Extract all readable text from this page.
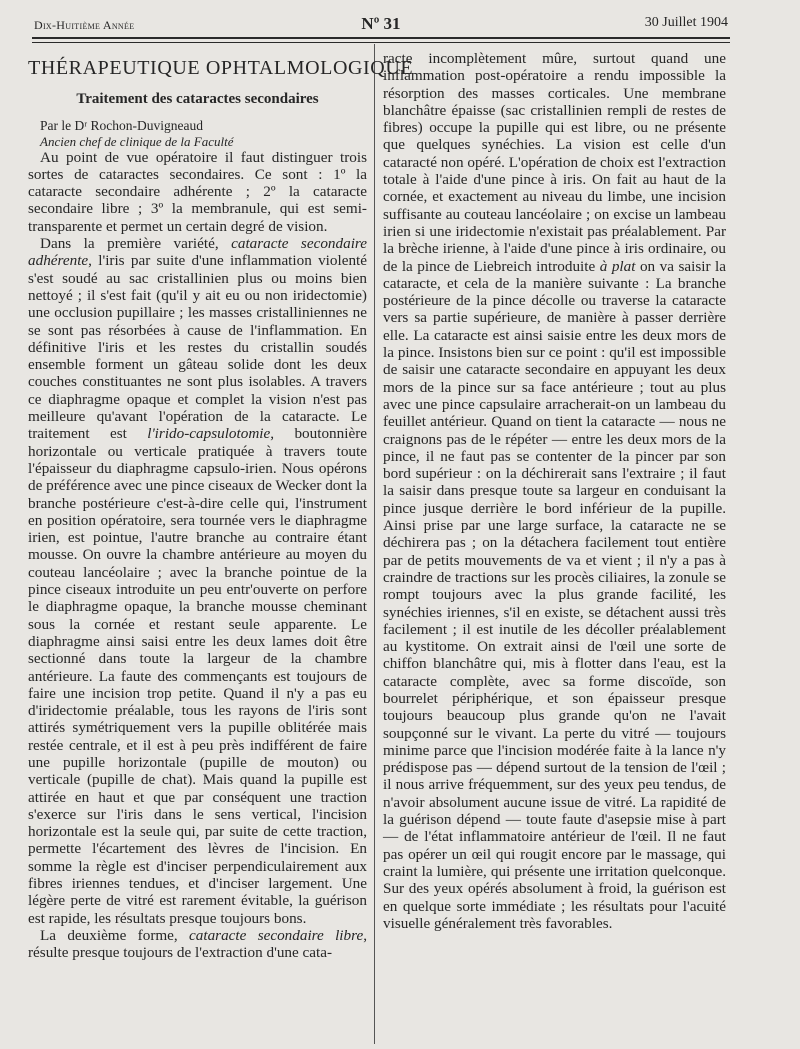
Dix-Huitième Année	Nº 31	30 Juillet 1904
THÉRAPEUTIQUE OPHTALMOLOGIQUE
Traitement des cataractes secondaires

Par le Dʳ Rochon-Duvigneaud

Ancien chef de clinique de la Faculté

Au point de vue opératoire il faut distinguer trois sortes de cataractes secondaires. Ce sont : 1º la cataracte secondaire adhérente ; 2º la cataracte secondaire libre ; 3º la membranule, qui est semi-transparente et permet un certain degré de vision.

Dans la première variété, cataracte secondaire adhérente, l'iris par suite d'une inflammation violenté s'est soudé au sac cristallinien plus ou moins bien nettoyé ; il s'est fait (qu'il y ait eu ou non iridectomie) une occlusion pupillaire ; les masses cristalliniennes ne se sont pas résorbées à cause de l'inflammation. En définitive l'iris et les restes du cristallin soudés ensemble forment un gâteau solide dont les deux couches constituantes ne sont plus isolables. A travers ce diaphragme opaque et complet la vision n'est pas meilleure qu'avant l'opération de la cataracte. Le traitement est l'irido-capsulotomie, boutonnière horizontale ou verticale pratiquée à travers toute l'épaisseur du diaphragme capsulo-irien. Nous opérons de préférence avec une pince ciseaux de Wecker dont la branche postérieure c'est-à-dire celle qui, l'instrument en position opératoire, sera tournée vers le diaphragme irien, est pointue, l'autre branche au contraire étant mousse. On ouvre la chambre antérieure au moyen du couteau lancéolaire ; avec la branche pointue de la pince ciseaux introduite un peu entr'ouverte on perfore le diaphragme opaque, la branche mousse cheminant sous la cornée et restant seule apparente. Le diaphragme ainsi saisi entre les deux lames doit être sectionné dans toute la largeur de la chambre antérieure. La faute des commençants est toujours de faire une incision trop petite. Quand il n'y a pas eu d'iridectomie préalable, tous les rayons de l'iris sont attirés symétriquement vers la pupille oblitérée mais restée centrale, et il est à peu près indifférent de faire une pupille horizontale (pupille de mouton) ou verticale (pupille de chat). Mais quand la pupille est attirée en haut et que par conséquent une traction s'exerce sur l'iris dans le sens vertical, l'incision horizontale est la seule qui, par suite de cette traction, permette l'écartement des lèvres de l'incision. En somme la règle est d'inciser perpendiculairement aux fibres iriennes tendues, et d'inciser largement. Une légère perte de vitré est rarement évitable, la guérison est rapide, les résultats presque toujours bons.

La deuxième forme, cataracte secondaire libre, résulte presque toujours de l'extraction d'une cata-

racte incomplètement mûre, surtout quand une inflammation post-opératoire a rendu impossible la résorption des masses corticales. Une membrane blanchâtre épaisse (sac cristallinien rempli de restes de fibres) occupe la pupille qui est libre, ou ne présente que quelques synéchies. La vision est celle d'un cataracté non opéré. L'opération de choix est l'extraction totale à l'aide d'une pince à iris. On fait au haut de la cornée, et exactement au niveau du limbe, une incision suffisante au couteau lancéolaire ; on excise un lambeau irien si une iridectomie n'existait pas préalablement. Par la brèche irienne, à l'aide d'une pince à iris ordinaire, ou de la pince de Liebreich introduite à plat on va saisir la cataracte, et cela de la manière suivante : La branche postérieure de la pince décolle ou traverse la cataracte vers sa partie supérieure, de manière à passer derrière elle. La cataracte est ainsi saisie entre les deux mors de la pince. Insistons bien sur ce point : qu'il est impossible de saisir une cataracte secondaire en appuyant les deux mors de la pince sur sa face antérieure ; tout au plus avec une pince capsulaire arracherait-on un lambeau du feuillet antérieur. Quand on tient la cataracte — nous ne craignons pas de le répéter — entre les deux mors de la pince, il ne faut pas se contenter de la pincer par son bord supérieur : on la déchirerait sans l'extraire ; il faut la saisir dans presque toute sa largeur en conduisant la pince jusque derrière le bord inférieur de la pupille. Ainsi prise par une large surface, la cataracte ne se déchirera pas ; on la détachera facilement tout entière par de petits mouvements de va et vient ; il n'y a pas à craindre de tractions sur les procès ciliaires, la zonule se rompt toujours avec la plus grande facilité, les synéchies iriennes, s'il en existe, se détachent aussi très facilement ; il est inutile de les décoller préalablement au kystitome. On extrait ainsi de l'œil une sorte de chiffon blanchâtre qui, mis à flotter dans l'eau, est la cataracte complète, avec sa forme discoïde, son bourrelet périphérique, et son épaisseur presque toujours beaucoup plus grande qu'on ne l'avait soupçonné sur le vivant. La perte du vitré — toujours minime parce que l'incision modérée faite à la lance n'y prédispose pas — dépend surtout de la tension de l'œil ; il nous arrive fréquemment, sur des yeux peu tendus, de n'avoir absolument aucune issue de vitré. La rapidité de la guérison dépend — toute faute d'asepsie mise à part — de l'état inflammatoire antérieur de l'œil. Il ne faut pas opérer un œil qui rougit encore par le massage, qui craint la lumière, qui présente une irritation quelconque. Sur des yeux opérés absolument à froid, la guérison est en quelque sorte immédiate ; les résultats pour l'acuité visuelle généralement très favorables.
